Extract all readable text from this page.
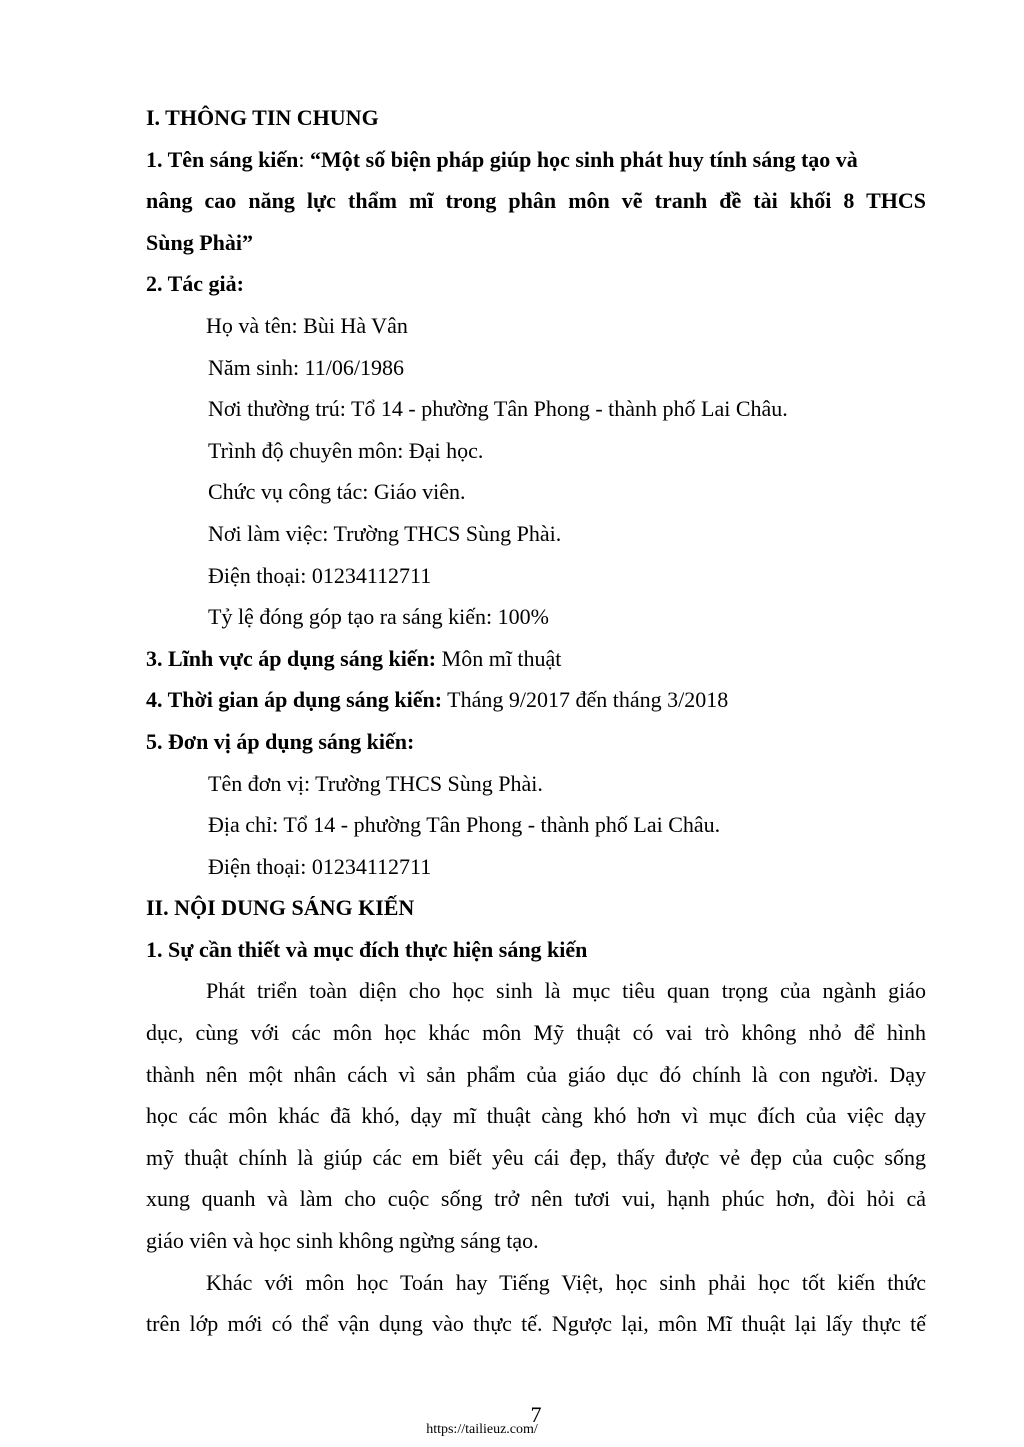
I. THÔNG TIN CHUNG
1. Tên sáng kiến: “Một số biện pháp giúp học sinh phát huy tính sáng tạo và
nâng cao năng lực thẩm mĩ trong phân môn vẽ tranh đề tài khối 8 THCS
Sùng Phài”
2. Tác giả:
Họ và tên: Bùi Hà Vân
Năm sinh: 11/06/1986
Nơi thường trú: Tổ 14 - phường Tân Phong - thành phố Lai Châu.
Trình độ chuyên môn: Đại học.
Chức vụ công tác: Giáo viên.
Nơi làm việc: Trường THCS Sùng Phài.
Điện thoại: 01234112711
Tỷ lệ đóng góp tạo ra sáng kiến: 100%
3. Lĩnh vực áp dụng sáng kiến: Môn mĩ thuật
4. Thời gian áp dụng sáng kiến: Tháng 9/2017 đến tháng 3/2018
5. Đơn vị áp dụng sáng kiến:
Tên đơn vị: Trường THCS Sùng Phài.
Địa chỉ: Tổ 14 - phường Tân Phong - thành phố Lai Châu.
Điện thoại: 01234112711
II. NỘI DUNG SÁNG KIẾN
1. Sự cần thiết và mục đích thực hiện sáng kiến
Phát triển toàn diện cho học sinh là mục tiêu quan trọng của ngành giáo
dục, cùng với các môn học khác môn Mỹ thuật có vai trò không nhỏ để hình
thành nên một nhân cách vì sản phẩm của giáo dục đó chính là con người. Dạy
học các môn khác đã khó, dạy mĩ thuật càng khó hơn vì mục đích của việc dạy
mỹ thuật chính là giúp các em biết yêu cái đẹp, thấy được vẻ đẹp của cuộc sống
xung quanh và làm cho cuộc sống trở nên tươi vui, hạnh phúc hơn, đòi hỏi cả
giáo viên và học sinh không ngừng sáng tạo.
Khác với môn học Toán hay Tiếng Việt, học sinh phải học tốt kiến thức
trên lớp mới có thể vận dụng vào thực tế. Ngược lại, môn Mĩ thuật lại lấy thực tế
7
https://tailieuz.com/
